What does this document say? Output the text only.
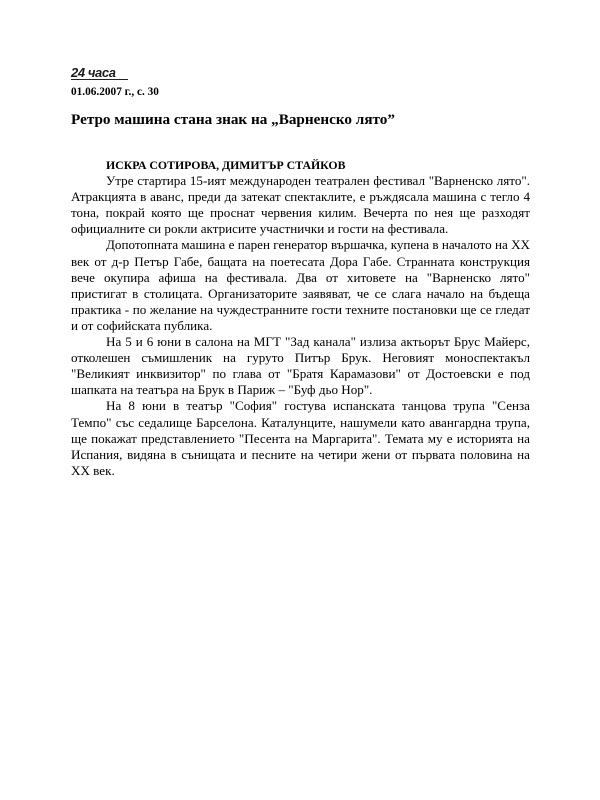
24 часа
01.06.2007 г., с. 30
Ретро машина стана знак на „Варненско лято”

ИСКРА СОТИРОВА, ДИМИТЪР СТАЙКОВ

Утре стартира 15-ият международен театрален фестивал "Варненско лято". Атракцията в аванс, преди да затекат спектаклите, е ръждясала машина с тегло 4 тона, покрай която ще проснат червения килим. Вечерта по нея ще разходят официалните си рокли актрисите участнички и гости на фестивала.

Допотопната машина е парен генератор вършачка, купена в началото на ХХ век от д-р Петър Габе, бащата на поетесата Дора Габе. Странната конструкция вече окупира афиша на фестивала. Два от хитовете на "Варненско лято" пристигат в столицата. Организаторите заявяват, че се слага начало на бъдеща практика - по желание на чуждестранните гости техните постановки ще се гледат и от софийската публика.

На 5 и 6 юни в салона на МГТ "Зад канала" излиза актьорът Брус Майерс, отколешен съмишленик на гуруто Питър Брук. Неговият моноспектакъл "Великият инквизитор" по глава от "Братя Карамазови" от Достоевски е под шапката на театъра на Брук в Париж – "Буф дьо Нор".

На 8 юни в театър "София" гостува испанската танцова трупа "Сенза Темпо" със седалище Барселона. Каталунците, нашумели като авангардна трупа, ще покажат представлението "Песента на Маргарита". Темата му е историята на Испания, видяна в сънищата и песните на четири жени от първата половина на ХХ век.
